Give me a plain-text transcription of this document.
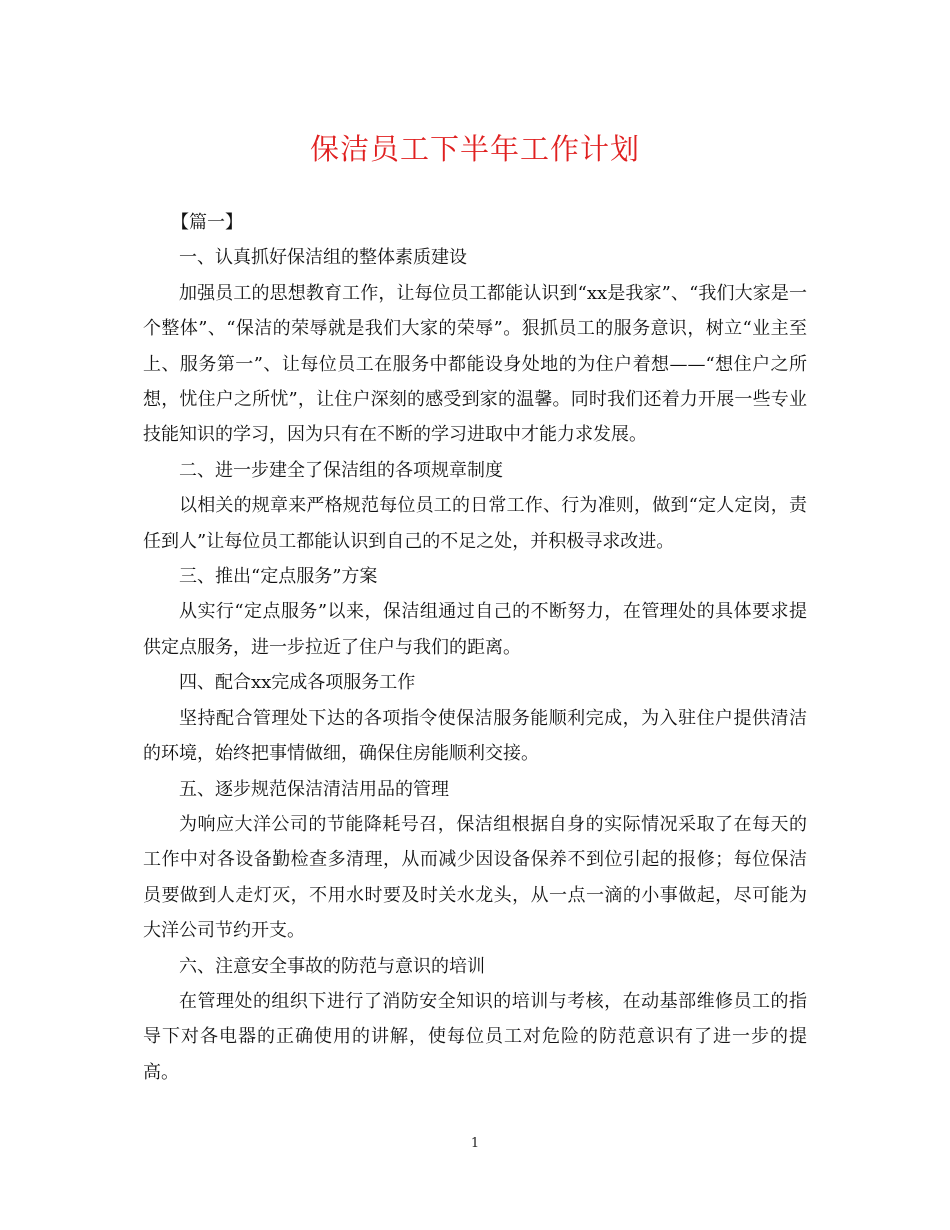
保洁员工下半年工作计划

【篇一】

一、认真抓好保洁组的整体素质建设

加强员工的思想教育工作，让每位员工都能认识到“xx是我家”、“我们大家是一个整体”、“保洁的荣辱就是我们大家的荣辱”。狠抓员工的服务意识，树立“业主至上、服务第一”、让每位员工在服务中都能设身处地的为住户着想——“想住户之所想，忧住户之所忧”，让住户深刻的感受到家的温馨。同时我们还着力开展一些专业技能知识的学习，因为只有在不断的学习进取中才能力求发展。

二、进一步建全了保洁组的各项规章制度

以相关的规章来严格规范每位员工的日常工作、行为准则，做到“定人定岗，责任到人”让每位员工都能认识到自己的不足之处，并积极寻求改进。

三、推出“定点服务”方案

从实行“定点服务”以来，保洁组通过自己的不断努力，在管理处的具体要求提供定点服务，进一步拉近了住户与我们的距离。

四、配合xx完成各项服务工作

坚持配合管理处下达的各项指令使保洁服务能顺利完成，为入驻住户提供清洁的环境，始终把事情做细，确保住房能顺利交接。

五、逐步规范保洁清洁用品的管理

为响应大洋公司的节能降耗号召，保洁组根据自身的实际情况采取了在每天的工作中对各设备勤检查多清理，从而减少因设备保养不到位引起的报修；每位保洁员要做到人走灯灭，不用水时要及时关水龙头，从一点一滴的小事做起，尽可能为大洋公司节约开支。

六、注意安全事故的防范与意识的培训

在管理处的组织下进行了消防安全知识的培训与考核，在动基部维修员工的指导下对各电器的正确使用的讲解，使每位员工对危险的防范意识有了进一步的提高。

1
